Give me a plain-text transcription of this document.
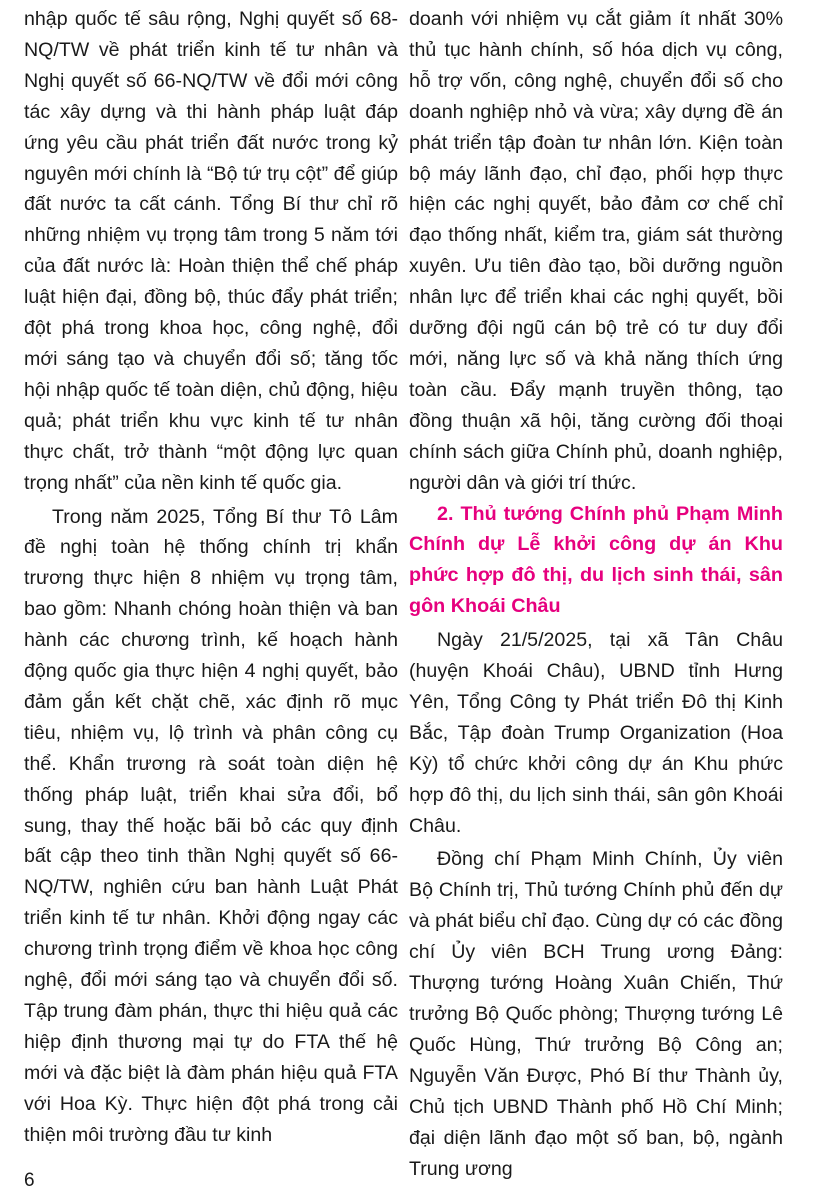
nhập quốc tế sâu rộng, Nghị quyết số 68-NQ/TW về phát triển kinh tế tư nhân và Nghị quyết số 66-NQ/TW về đổi mới công tác xây dựng và thi hành pháp luật đáp ứng yêu cầu phát triển đất nước trong kỷ nguyên mới chính là “Bộ tứ trụ cột” để giúp đất nước ta cất cánh. Tổng Bí thư chỉ rõ những nhiệm vụ trọng tâm trong 5 năm tới của đất nước là: Hoàn thiện thể chế pháp luật hiện đại, đồng bộ, thúc đẩy phát triển; đột phá trong khoa học, công nghệ, đổi mới sáng tạo và chuyển đổi số; tăng tốc hội nhập quốc tế toàn diện, chủ động, hiệu quả; phát triển khu vực kinh tế tư nhân thực chất, trở thành “một động lực quan trọng nhất” của nền kinh tế quốc gia.

Trong năm 2025, Tổng Bí thư Tô Lâm đề nghị toàn hệ thống chính trị khẩn trương thực hiện 8 nhiệm vụ trọng tâm, bao gồm: Nhanh chóng hoàn thiện và ban hành các chương trình, kế hoạch hành động quốc gia thực hiện 4 nghị quyết, bảo đảm gắn kết chặt chẽ, xác định rõ mục tiêu, nhiệm vụ, lộ trình và phân công cụ thể. Khẩn trương rà soát toàn diện hệ thống pháp luật, triển khai sửa đổi, bổ sung, thay thế hoặc bãi bỏ các quy định bất cập theo tinh thần Nghị quyết số 66-NQ/TW, nghiên cứu ban hành Luật Phát triển kinh tế tư nhân. Khởi động ngay các chương trình trọng điểm về khoa học công nghệ, đổi mới sáng tạo và chuyển đổi số. Tập trung đàm phán, thực thi hiệu quả các hiệp định thương mại tự do FTA thế hệ mới và đặc biệt là đàm phán hiệu quả FTA với Hoa Kỳ. Thực hiện đột phá trong cải thiện môi trường đầu tư kinh

doanh với nhiệm vụ cắt giảm ít nhất 30% thủ tục hành chính, số hóa dịch vụ công, hỗ trợ vốn, công nghệ, chuyển đổi số cho doanh nghiệp nhỏ và vừa; xây dựng đề án phát triển tập đoàn tư nhân lớn. Kiện toàn bộ máy lãnh đạo, chỉ đạo, phối hợp thực hiện các nghị quyết, bảo đảm cơ chế chỉ đạo thống nhất, kiểm tra, giám sát thường xuyên. Ưu tiên đào tạo, bồi dưỡng nguồn nhân lực để triển khai các nghị quyết, bồi dưỡng đội ngũ cán bộ trẻ có tư duy đổi mới, năng lực số và khả năng thích ứng toàn cầu. Đẩy mạnh truyền thông, tạo đồng thuận xã hội, tăng cường đối thoại chính sách giữa Chính phủ, doanh nghiệp, người dân và giới trí thức.

2. Thủ tướng Chính phủ Phạm Minh Chính dự Lễ khởi công dự án Khu phức hợp đô thị, du lịch sinh thái, sân gôn Khoái Châu

Ngày 21/5/2025, tại xã Tân Châu (huyện Khoái Châu), UBND tỉnh Hưng Yên, Tổng Công ty Phát triển Đô thị Kinh Bắc, Tập đoàn Trump Organization (Hoa Kỳ) tổ chức khởi công dự án Khu phức hợp đô thị, du lịch sinh thái, sân gôn Khoái Châu.

Đồng chí Phạm Minh Chính, Ủy viên Bộ Chính trị, Thủ tướng Chính phủ đến dự và phát biểu chỉ đạo. Cùng dự có các đồng chí Ủy viên BCH Trung ương Đảng: Thượng tướng Hoàng Xuân Chiến, Thứ trưởng Bộ Quốc phòng; Thượng tướng Lê Quốc Hùng, Thứ trưởng Bộ Công an; Nguyễn Văn Được, Phó Bí thư Thành ủy, Chủ tịch UBND Thành phố Hồ Chí Minh; đại diện lãnh đạo một số ban, bộ, ngành Trung ương

6
